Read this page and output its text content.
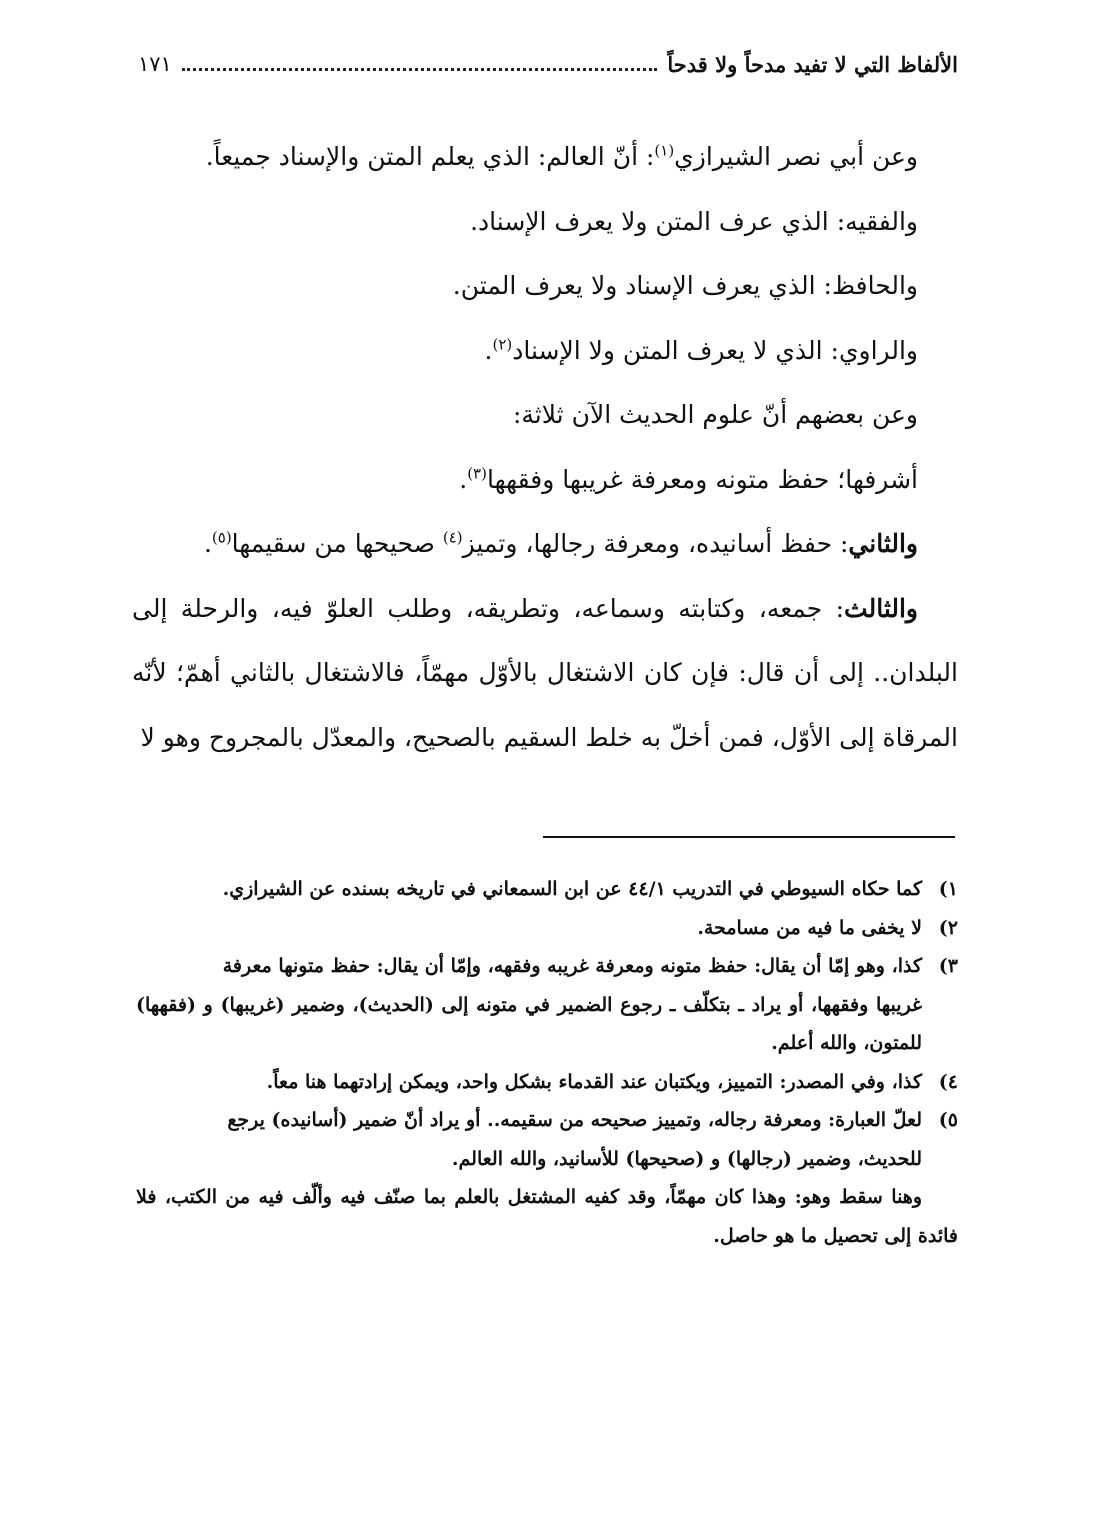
الألفاظ التي لا تفيد مدحاً ولا قدحاً
١٧١

وعن أبي نصر الشيرازي$^{(١)}$: أنّ العالم: الذي يعلم المتن والإسناد جميعاً.

والفقيه: الذي عرف المتن ولا يعرف الإسناد.

والحافظ: الذي يعرف الإسناد ولا يعرف المتن.

والراوي: الذي لا يعرف المتن ولا الإسناد$^{(٢)}$.

وعن بعضهم أنّ علوم الحديث الآن ثلاثة:

أشرفها؛ حفظ متونه ومعرفة غريبها وفقهها$^{(٣)}$.

والثاني: حفظ أسانيده، ومعرفة رجالها، وتميز$^{(٤)}$ صحيحها من سقيمها$^{(٥)}$.

والثالث: جمعه، وكتابته وسماعه، وتطريقه، وطلب العلوّ فيه، والرحلة إلى البلدان.. إلى أن قال: فإن كان الاشتغال بالأوّل مهمّاً، فالاشتغال بالثاني أهمّ؛ لأنّه المرقاة إلى الأوّل، فمن أخلّ به خلط السقيم بالصحيح، والمعدّل بالمجروح وهو لا

١)كما حكاه السيوطي في التدريب ٤٤/١ عن ابن السمعاني في تاريخه بسنده عن الشيرازي.

٢)لا يخفى ما فيه من مسامحة.

٣)كذا، وهو إمّا أن يقال: حفظ متونه ومعرفة غريبه وفقهه، وإمّا أن يقال: حفظ متونها معرفة

غريبها وفقهها، أو يراد ـ بتكلّف ـ رجوع الضمير في متونه إلى (الحديث)، وضمير (غريبها) و (فقهها) للمتون، والله أعلم.

٤)كذا، وفي المصدر: التمييز، ويكتبان عند القدماء بشكل واحد، ويمكن إرادتهما هنا معاً.

٥)لعلّ العبارة: ومعرفة رجاله، وتمييز صحيحه من سقيمه.. أو يراد أنّ ضمير (أسانيده) يرجع

للحديث، وضمير (رجالها) و (صحيحها) للأسانيد، والله العالم.

وهنا سقط وهو: وهذا كان مهمّاً، وقد كفيه المشتغل بالعلم بما صنّف فيه وألّف فيه من الكتب، فلا فائدة إلى تحصيل ما هو حاصل.
